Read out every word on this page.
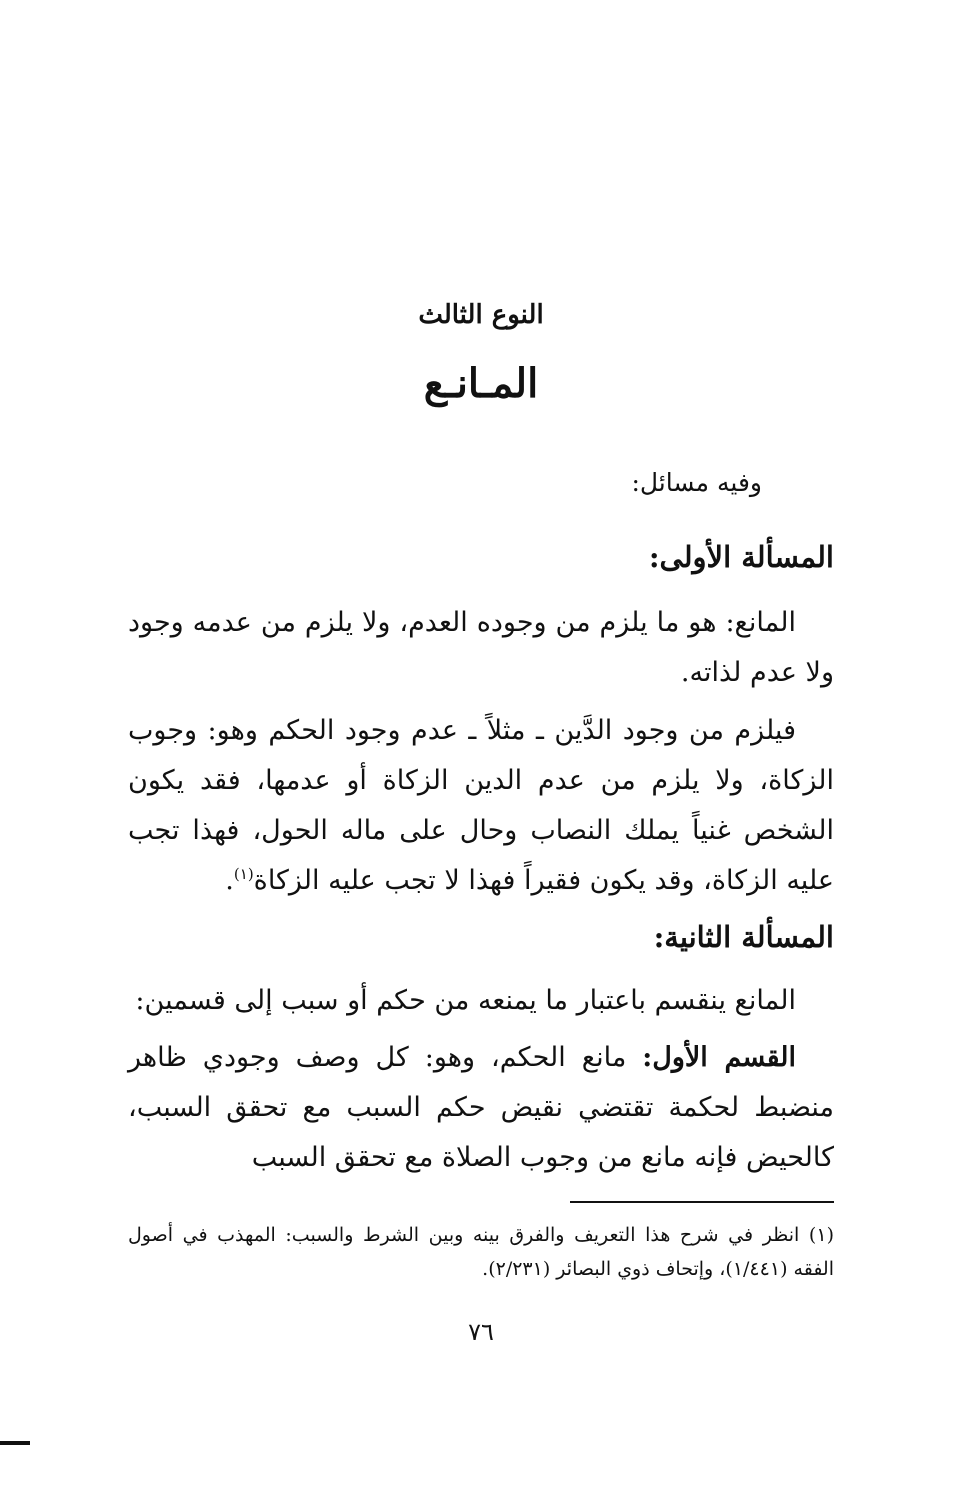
النوع الثالث
المـانـع
وفيه مسائل:
المسألة الأولى:
المانع: هو ما يلزم من وجوده العدم، ولا يلزم من عدمه وجود ولا عدم لذاته.
فيلزم من وجود الدَّين ـ مثلاً ـ عدم وجود الحكم وهو: وجوب الزكاة، ولا يلزم من عدم الدين الزكاة أو عدمها، فقد يكون الشخص غنياً يملك النصاب وحال على ماله الحول، فهذا تجب عليه الزكاة، وقد يكون فقيراً فهذا لا تجب عليه الزكاة$^{(١)}$.
المسألة الثانية:
المانع ينقسم باعتبار ما يمنعه من حكم أو سبب إلى قسمين:
القسم الأول: مانع الحكم، وهو: كل وصف وجودي ظاهر منضبط لحكمة تقتضي نقيض حكم السبب مع تحقق السبب، كالحيض فإنه مانع من وجوب الصلاة مع تحقق السبب
(١) انظر في شرح هذا التعريف والفرق بينه وبين الشرط والسبب: المهذب في أصول الفقه (١/٤٤١)، وإتحاف ذوي البصائر (٢/٢٣١).
٧٦
